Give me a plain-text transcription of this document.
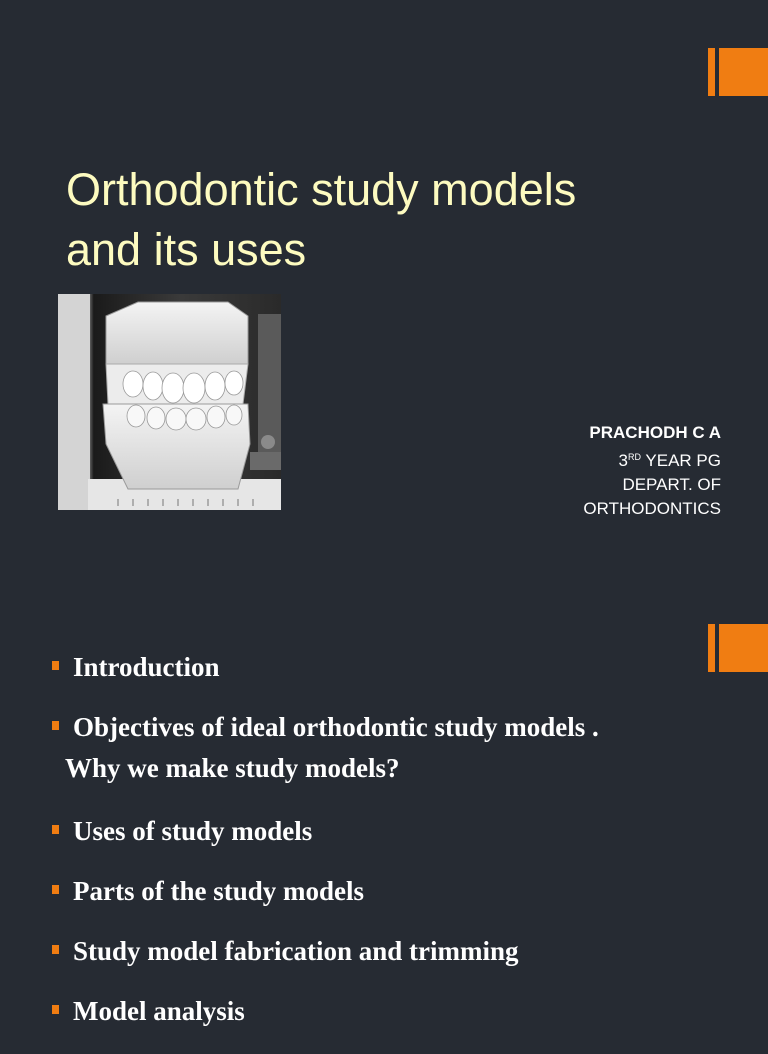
Orthodontic study models
and its uses
PRACHODH C A
3RD YEAR PG
DEPART. OF
ORTHODONTICS
Introduction
Objectives of ideal orthodontic study models .
Why we make study models?
Uses of study models
Parts of the study models
Study model fabrication and trimming
Model analysis
